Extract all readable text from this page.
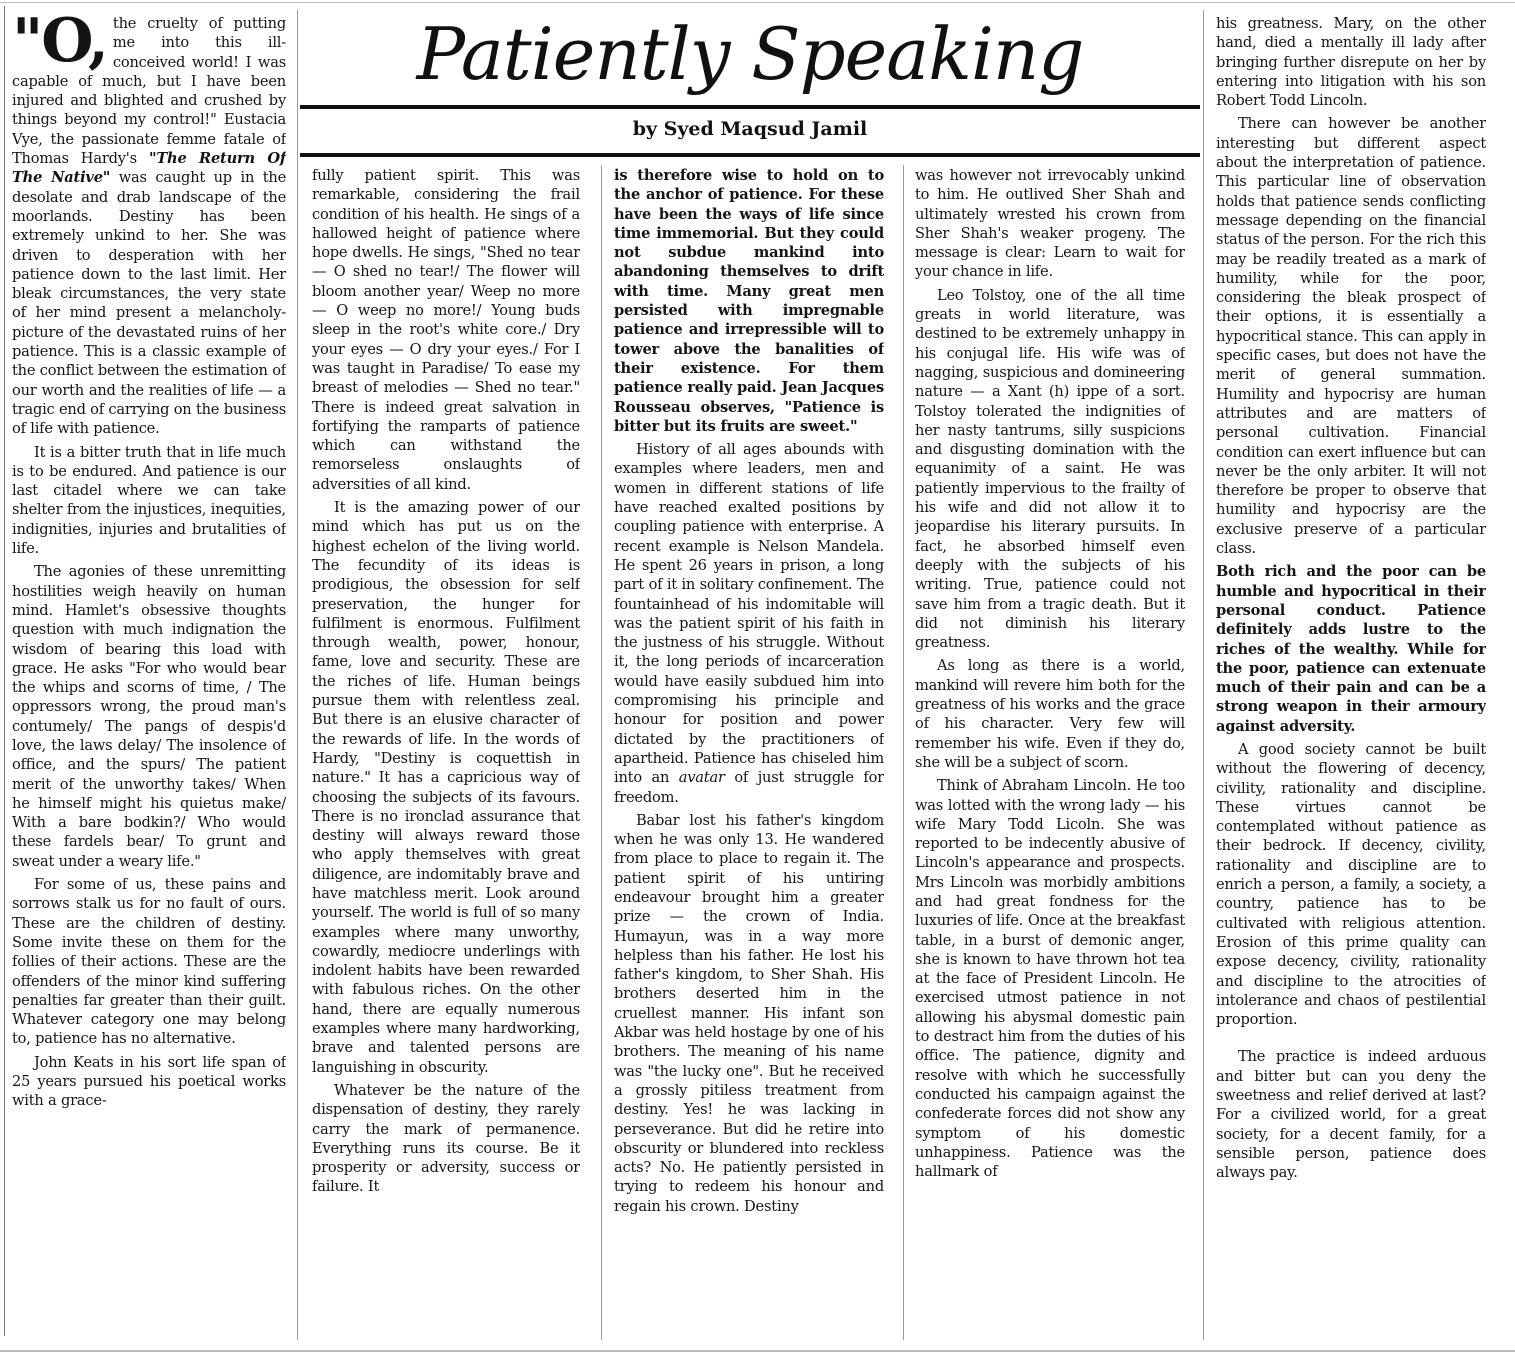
Patiently Speaking
by Syed Maqsud Jamil

"O, the cruelty of putting me into this ill-conceived world! I was capable of much, but I have been injured and blighted and crushed by things beyond my control!" Eustacia Vye, the passionate femme fatale of Thomas Hardy's "The Return Of The Native" was caught up in the desolate and drab landscape of the moorlands. Destiny has been extremely unkind to her. She was driven to desperation with her patience down to the last limit. Her bleak circumstances, the very state of her mind present a melancholy-picture of the devastated ruins of her patience. This is a classic example of the conflict between the estimation of our worth and the realities of life — a tragic end of carrying on the business of life with patience.

It is a bitter truth that in life much is to be endured. And patience is our last citadel where we can take shelter from the injustices, inequities, indignities, injuries and brutalities of life.

The agonies of these unremitting hostilities weigh heavily on human mind. Hamlet's obsessive thoughts question with much indignation the wisdom of bearing this load with grace. He asks "For who would bear the whips and scorns of time, / The oppressors wrong, the proud man's contumely/ The pangs of despis'd love, the laws delay/ The insolence of office, and the spurs/ The patient merit of the unworthy takes/ When he himself might his quietus make/ With a bare bodkin?/ Who would these fardels bear/ To grunt and sweat under a weary life."

For some of us, these pains and sorrows stalk us for no fault of ours. These are the children of destiny. Some invite these on them for the follies of their actions. These are the offenders of the minor kind suffering penalties far greater than their guilt. Whatever category one may belong to, patience has no alternative.

John Keats in his sort life span of 25 years pursued his poetical works with a grace-

fully patient spirit. This was remarkable, considering the frail condition of his health. He sings of a hallowed height of patience where hope dwells. He sings, "Shed no tear — O shed no tear!/ The flower will bloom another year/ Weep no more — O weep no more!/ Young buds sleep in the root's white core./ Dry your eyes — O dry your eyes./ For I was taught in Paradise/ To ease my breast of melodies — Shed no tear." There is indeed great salvation in fortifying the ramparts of patience which can withstand the remorseless onslaughts of adversities of all kind.

It is the amazing power of our mind which has put us on the highest echelon of the living world. The fecundity of its ideas is prodigious, the obsession for self preservation, the hunger for fulfilment is enormous. Fulfilment through wealth, power, honour, fame, love and security. These are the riches of life. Human beings pursue them with relentless zeal. But there is an elusive character of the rewards of life. In the words of Hardy, "Destiny is coquettish in nature." It has a capricious way of choosing the subjects of its favours. There is no ironclad assurance that destiny will always reward those who apply themselves with great diligence, are indomitably brave and have matchless merit. Look around yourself. The world is full of so many examples where many unworthy, cowardly, mediocre underlings with indolent habits have been rewarded with fabulous riches. On the other hand, there are equally numerous examples where many hardworking, brave and talented persons are languishing in obscurity.

Whatever be the nature of the dispensation of destiny, they rarely carry the mark of permanence. Everything runs its course. Be it prosperity or adversity, success or failure. It

is therefore wise to hold on to the anchor of patience. For these have been the ways of life since time immemorial. But they could not subdue mankind into abandoning themselves to drift with time. Many great men persisted with impregnable patience and irrepressible will to tower above the banalities of their existence. For them patience really paid. Jean Jacques Rousseau observes, "Patience is bitter but its fruits are sweet."

History of all ages abounds with examples where leaders, men and women in different stations of life have reached exalted positions by coupling patience with enterprise. A recent example is Nelson Mandela. He spent 26 years in prison, a long part of it in solitary confinement. The fountainhead of his indomitable will was the patient spirit of his faith in the justness of his struggle. Without it, the long periods of incarceration would have easily subdued him into compromising his principle and honour for position and power dictated by the practitioners of apartheid. Patience has chiseled him into an avatar of just struggle for freedom.

Babar lost his father's kingdom when he was only 13. He wandered from place to place to regain it. The patient spirit of his untiring endeavour brought him a greater prize — the crown of India. Humayun, was in a way more helpless than his father. He lost his father's kingdom, to Sher Shah. His brothers deserted him in the cruellest manner. His infant son Akbar was held hostage by one of his brothers. The meaning of his name was "the lucky one". But he received a grossly pitiless treatment from destiny. Yes! he was lacking in perseverance. But did he retire into obscurity or blundered into reckless acts? No. He patiently persisted in trying to redeem his honour and regain his crown. Destiny

was however not irrevocably unkind to him. He outlived Sher Shah and ultimately wrested his crown from Sher Shah's weaker progeny. The message is clear: Learn to wait for your chance in life.

Leo Tolstoy, one of the all time greats in world literature, was destined to be extremely unhappy in his conjugal life. His wife was of nagging, suspicious and domineering nature — a Xant (h) ippe of a sort. Tolstoy tolerated the indignities of her nasty tantrums, silly suspicions and disgusting domination with the equanimity of a saint. He was patiently impervious to the frailty of his wife and did not allow it to jeopardise his literary pursuits. In fact, he absorbed himself even deeply with the subjects of his writing. True, patience could not save him from a tragic death. But it did not diminish his literary greatness.

As long as there is a world, mankind will revere him both for the greatness of his works and the grace of his character. Very few will remember his wife. Even if they do, she will be a subject of scorn.

Think of Abraham Lincoln. He too was lotted with the wrong lady — his wife Mary Todd Licoln. She was reported to be indecently abusive of Lincoln's appearance and prospects. Mrs Lincoln was morbidly ambitions and had great fondness for the luxuries of life. Once at the breakfast table, in a burst of demonic anger, she is known to have thrown hot tea at the face of President Lincoln. He exercised utmost patience in not allowing his abysmal domestic pain to destract him from the duties of his office. The patience, dignity and resolve with which he successfully conducted his campaign against the confederate forces did not show any symptom of his domestic unhappiness. Patience was the hallmark of

his greatness. Mary, on the other hand, died a mentally ill lady after bringing further disrepute on her by entering into litigation with his son Robert Todd Lincoln.

There can however be another interesting but different aspect about the interpretation of patience. This particular line of observation holds that patience sends conflicting message depending on the financial status of the person. For the rich this may be readily treated as a mark of humility, while for the poor, considering the bleak prospect of their options, it is essentially a hypocritical stance. This can apply in specific cases, but does not have the merit of general summation. Humility and hypocrisy are human attributes and are matters of personal cultivation. Financial condition can exert influence but can never be the only arbiter. It will not therefore be proper to observe that humility and hypocrisy are the exclusive preserve of a particular class.

Both rich and the poor can be humble and hypocritical in their personal conduct. Patience definitely adds lustre to the riches of the wealthy. While for the poor, patience can extenuate much of their pain and can be a strong weapon in their armoury against adversity.

A good society cannot be built without the flowering of decency, civility, rationality and discipline. These virtues cannot be contemplated without patience as their bedrock. If decency, civility, rationality and discipline are to enrich a person, a family, a society, a country, patience has to be cultivated with religious attention. Erosion of this prime quality can expose decency, civility, rationality and discipline to the atrocities of intolerance and chaos of pestilential proportion.

The practice is indeed arduous and bitter but can you deny the sweetness and relief derived at last? For a civilized world, for a great society, for a decent family, for a sensible person, patience does always pay.
